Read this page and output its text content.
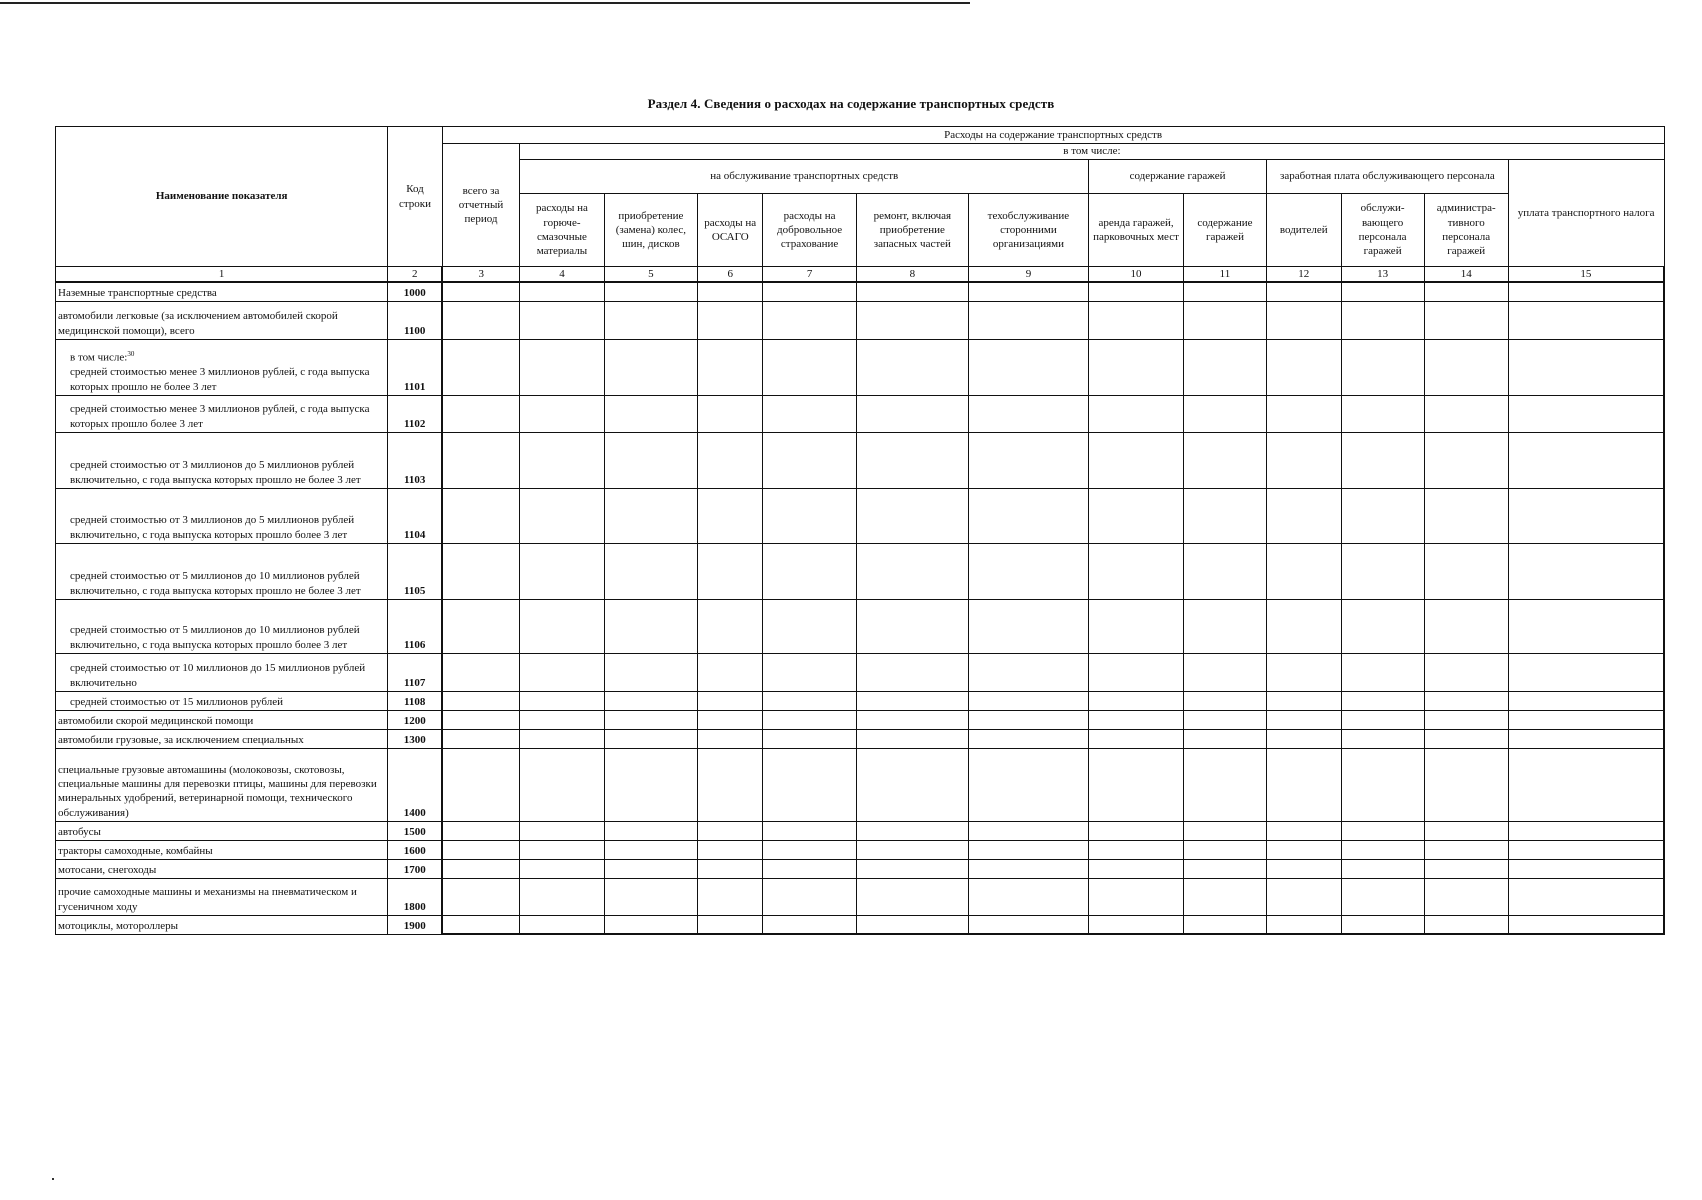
Раздел 4. Сведения о расходах на содержание транспортных средств
Наименование показателя	Код строки	Расходы на содержание транспортных средств												
		всего за отчетный период	в том числе:											
			на обслуживание транспортных средств						содержание гаражей		заработная плата обслуживающего персонала			уплата транспортного налога
			расходы на горюче-смазочные материалы	приобретение (замена) колес, шин, дисков	расходы на ОСАГО	расходы на добровольное страхование	ремонт, включая приобретение запасных частей	техобслуживание сторонними организациями	аренда гаражей, парковочных мест	содержание гаражей	водителей	обслужи-вающего персонала гаражей	администра-тивного персонала гаражей	

1	2	3	4	5	6	7	8	9	10	11	12	13	14	15
Наземные транспортные средства	1000													
автомобили легковые (за исключением автомобилей скорой медицинской помощи), всего	1100													
в том числе:$^{30}$
средней стоимостью менее 3 миллионов рублей, с года выпуска которых прошло не более 3 лет	1101													
средней стоимостью менее 3 миллионов рублей, с года выпуска которых прошло более 3 лет	1102													
средней стоимостью от 3 миллионов до 5 миллионов рублей включительно, с года выпуска которых прошло не более 3 лет	1103													
средней стоимостью от 3 миллионов до 5 миллионов рублей включительно, с года выпуска которых прошло более 3 лет	1104													
средней стоимостью от 5 миллионов до 10 миллионов рублей включительно, с года выпуска которых прошло не более 3 лет	1105													
средней стоимостью от 5 миллионов до 10 миллионов рублей включительно, с года выпуска которых прошло более 3 лет	1106													
средней стоимостью от 10 миллионов до 15 миллионов рублей включительно	1107													
средней стоимостью от 15 миллионов рублей	1108													
автомобили скорой медицинской помощи	1200													
автомобили грузовые, за исключением специальных	1300													
специальные грузовые автомашины (молоковозы, скотовозы, специальные машины для перевозки птицы, машины для перевозки минеральных удобрений, ветеринарной помощи, технического обслуживания)	1400													
автобусы	1500													
тракторы самоходные, комбайны	1600													
мотосани, снегоходы	1700													
прочие самоходные машины и механизмы на пневматическом и гусеничном ходу	1800													
мотоциклы, мотороллеры	1900													
